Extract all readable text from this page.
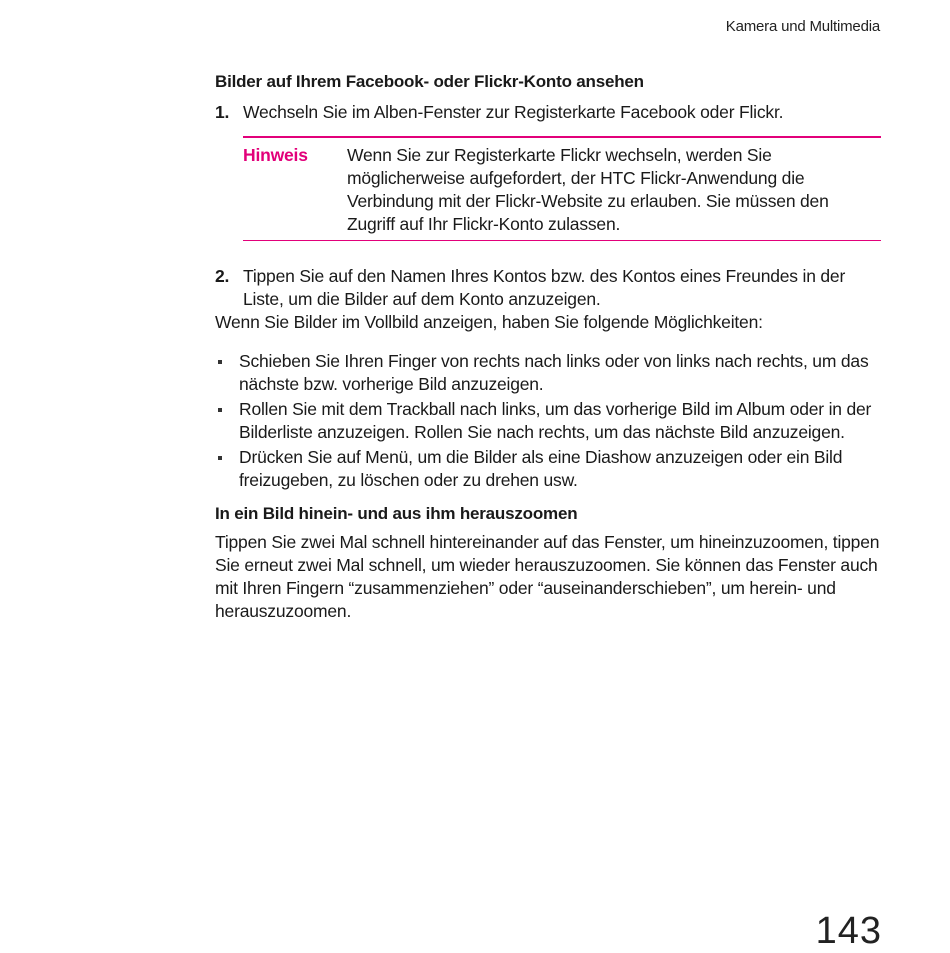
Kamera und Multimedia
Bilder auf Ihrem Facebook- oder Flickr-Konto ansehen
1. Wechseln Sie im Alben-Fenster zur Registerkarte Facebook oder Flickr.
Hinweis	Wenn Sie zur Registerkarte Flickr wechseln, werden Sie möglicherweise aufgefordert, der HTC Flickr-Anwendung die Verbindung mit der Flickr-Website zu erlauben. Sie müssen den Zugriff auf Ihr Flickr-Konto zulassen.
2. Tippen Sie auf den Namen Ihres Kontos bzw. des Kontos eines Freundes in der Liste, um die Bilder auf dem Konto anzuzeigen.
Wenn Sie Bilder im Vollbild anzeigen, haben Sie folgende Möglichkeiten:
Schieben Sie Ihren Finger von rechts nach links oder von links nach rechts, um das nächste bzw. vorherige Bild anzuzeigen.
Rollen Sie mit dem Trackball nach links, um das vorherige Bild im Album oder in der Bilderliste anzuzeigen. Rollen Sie nach rechts, um das nächste Bild anzuzeigen.
Drücken Sie auf Menü, um die Bilder als eine Diashow anzuzeigen oder ein Bild freizugeben, zu löschen oder zu drehen usw.
In ein Bild hinein- und aus ihm herauszoomen
Tippen Sie zwei Mal schnell hintereinander auf das Fenster, um hineinzuzoomen, tippen Sie erneut zwei Mal schnell, um wieder herauszuzoomen. Sie können das Fenster auch mit Ihren Fingern “zusammenziehen” oder “auseinanderschieben”, um herein- und herauszuzoomen.
143
